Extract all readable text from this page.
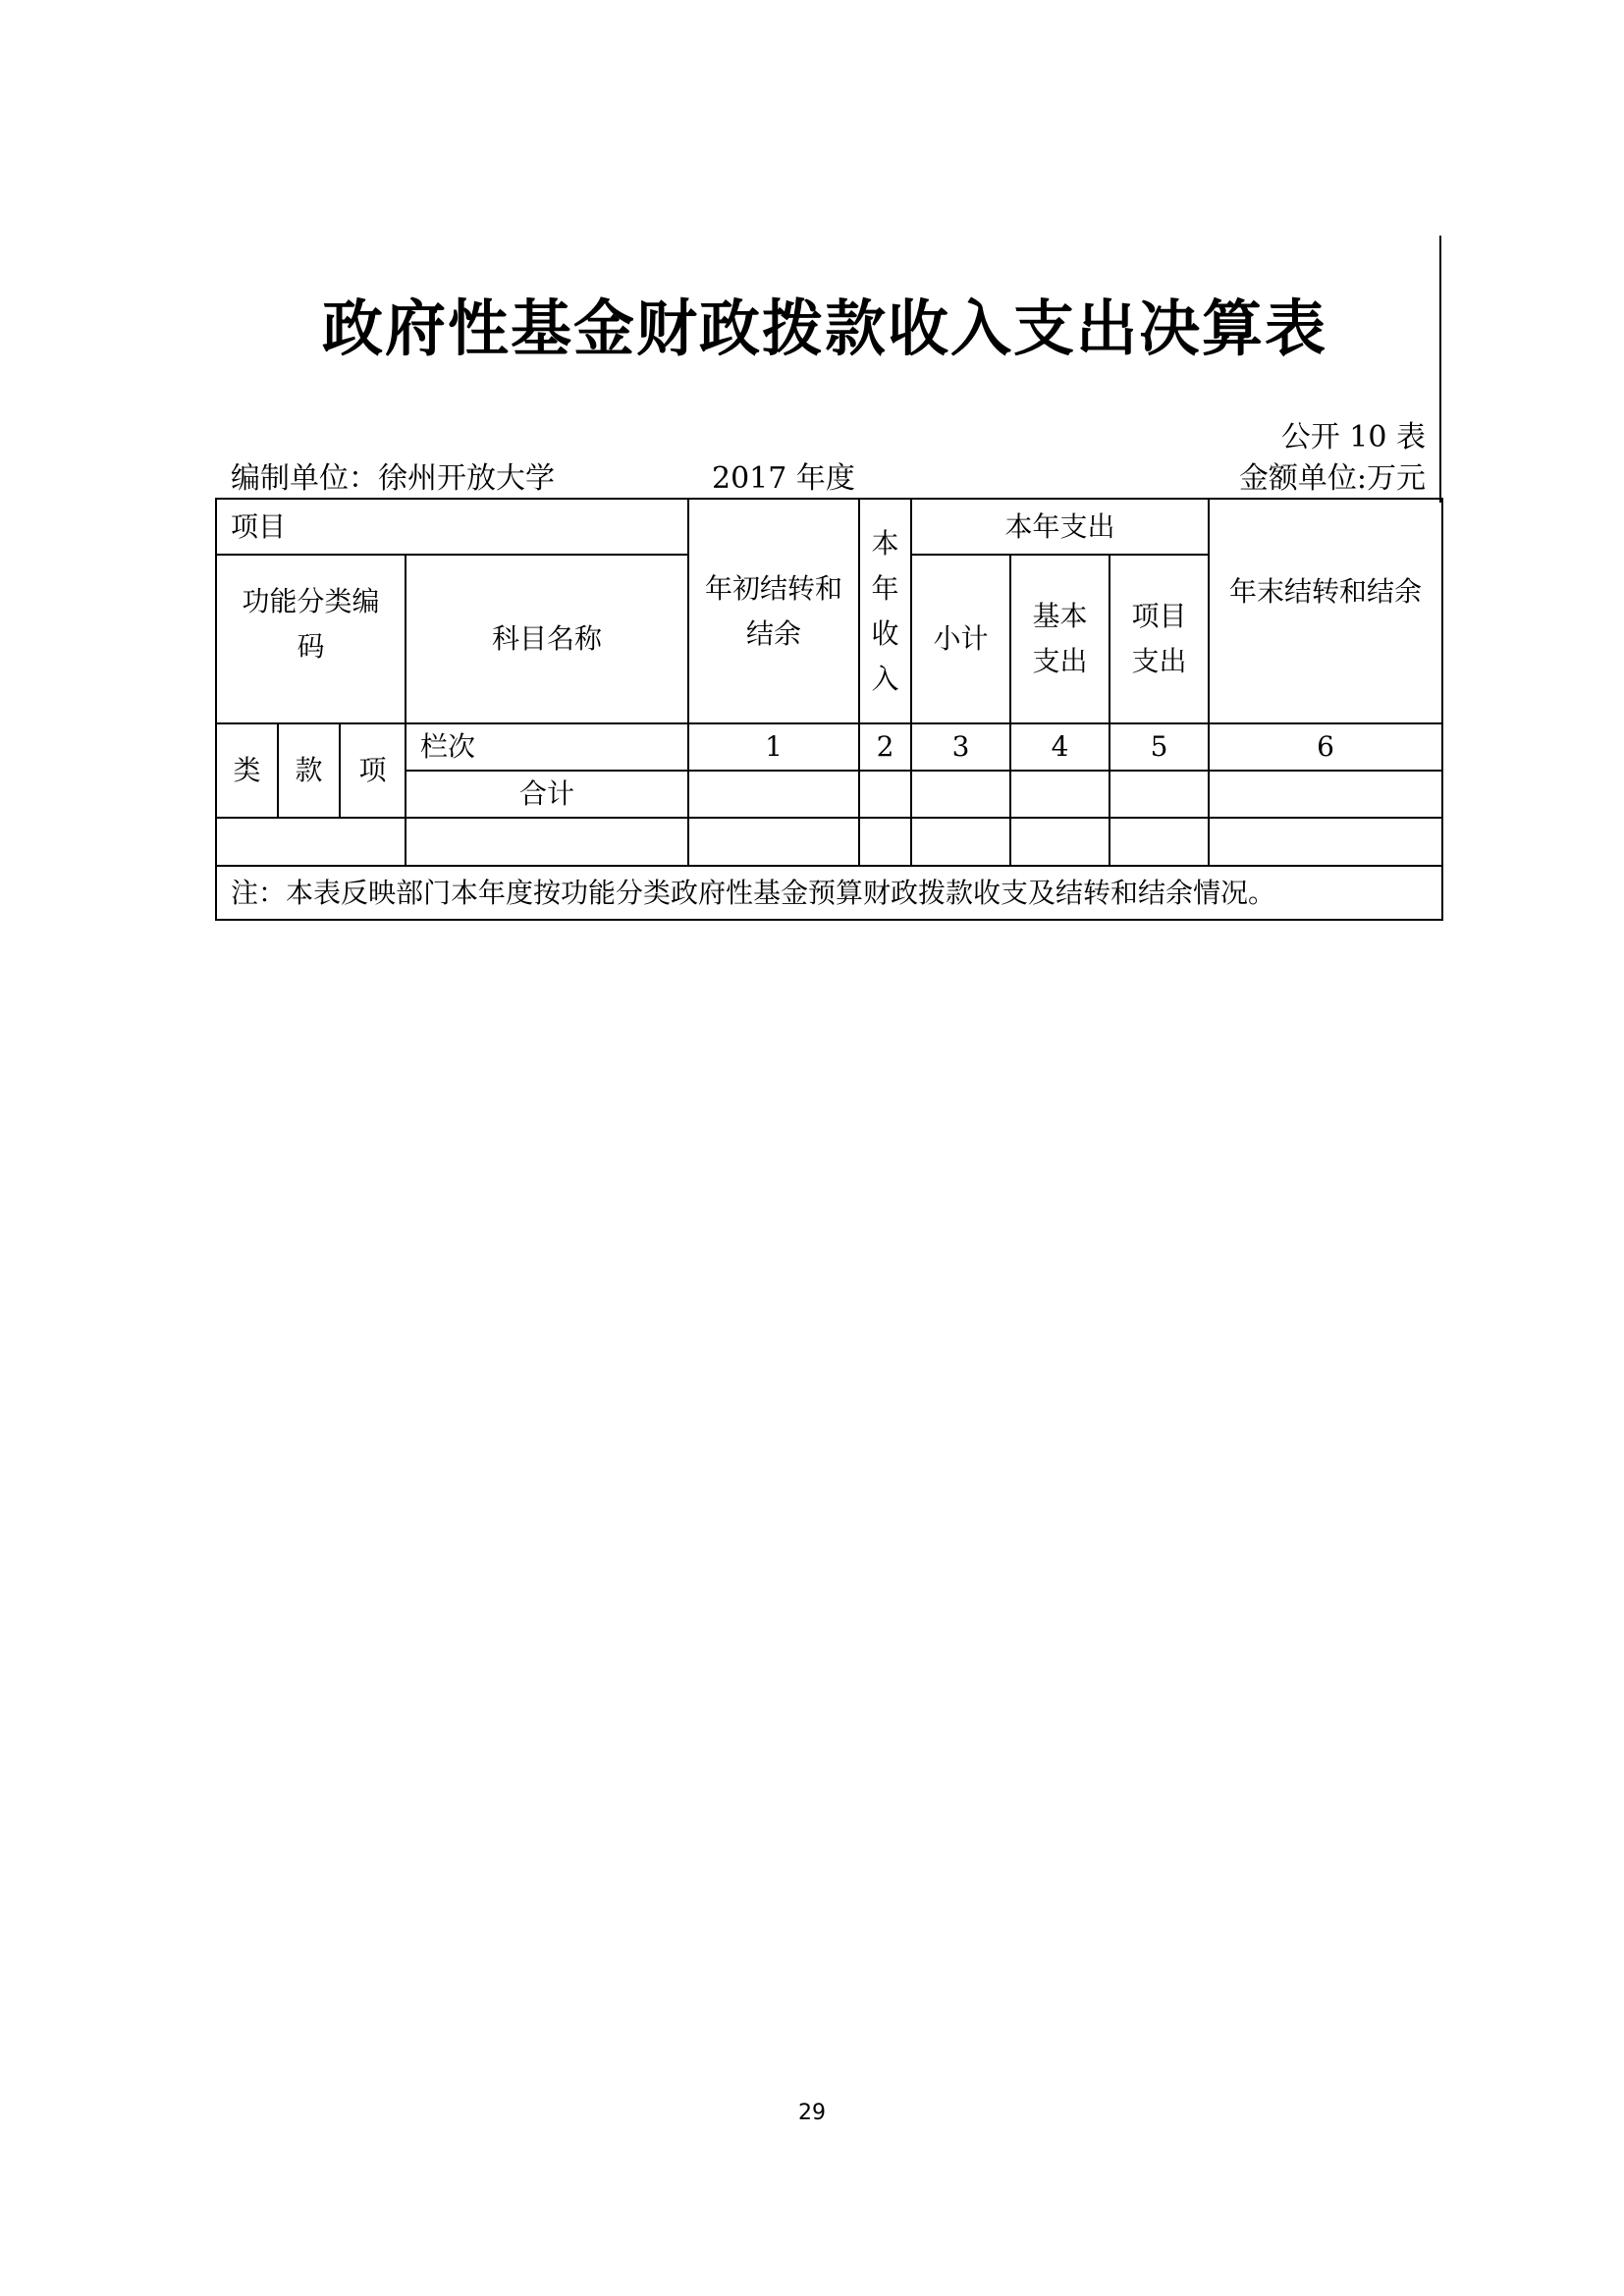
政府性基金财政拨款收入支出决算表
公开 10 表
编制单位：徐州开放大学	2017 年度	金额单位:万元
项目				年初结转和结余	本年收入	本年支出			年末结转和结余

功能分类编码			科目名称			小计	基本支出	项目支出	

类	款	项	栏次	1	2	3	4	5	6
			合计						

注：本表反映部门本年度按功能分类政府性基金预算财政拨款收支及结转和结余情况。									
29
